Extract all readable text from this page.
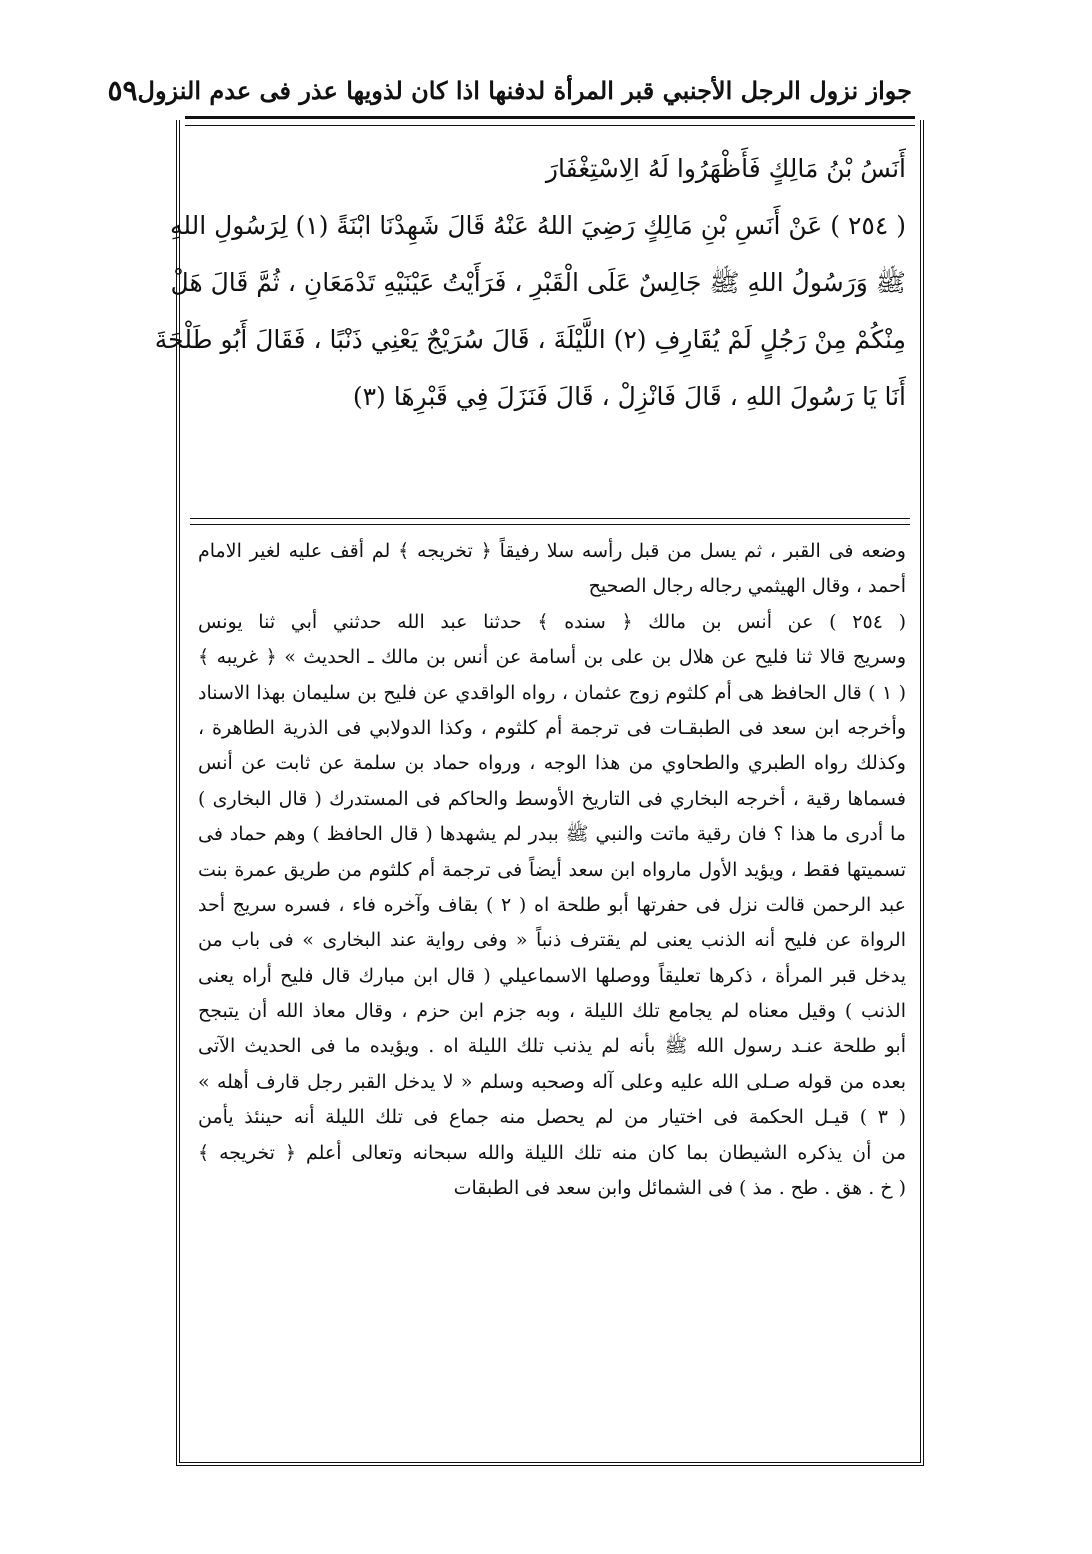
جواز نزول الرجل الأجنبي قبر المرأة لدفنها اذا كان لذويها عذر فى عدم النزول
٥٩
أَنَسُ بْنُ مَالِكٍ فَأَظْهَرُوا لَهُ الِاسْتِغْفَارَ
( ٢٥٤ ) عَنْ أَنَسِ بْنِ مَالِكٍ رَضِيَ اللهُ عَنْهُ قَالَ شَهِدْنَا ابْنَةً (١) لِرَسُولِ اللهِ
ﷺ وَرَسُولُ اللهِ ﷺ جَالِسٌ عَلَى الْقَبْرِ ، فَرَأَيْتُ عَيْنَيْهِ تَدْمَعَانِ ، ثُمَّ قَالَ هَلْ
مِنْكُمْ مِنْ رَجُلٍ لَمْ يُقَارِفِ (٢) اللَّيْلَةَ ، قَالَ سُرَيْجٌ يَعْنِي ذَنْبًا ، فَقَالَ أَبُو طَلْحَةَ
أَنَا يَا رَسُولَ اللهِ ، قَالَ فَانْزِلْ ، قَالَ فَنَزَلَ فِي قَبْرِهَا (٣)
وضعه فى القبر ، ثم يسل من قبل رأسه سلا رفيقاً ﴿ تخريجه ﴾ لم أقف عليه لغير الامام
أحمد ، وقال الهيثمي رجاله رجال الصحيح
( ٢٥٤ ) عن أنس بن مالك ﴿ سنده ﴾ حدثنا عبد الله حدثني أبي ثنا يونس
وسريج قالا ثنا فليح عن هلال بن على بن أسامة عن أنس بن مالك ـ الحديث » ﴿ غريبه ﴾
( ١ ) قال الحافظ هى أم كلثوم زوج عثمان ، رواه الواقدي عن فليح بن سليمان بهذا الاسناد
وأخرجه ابن سعد فى الطبقـات فى ترجمة أم كلثوم ، وكذا الدولابي فى الذرية الطاهرة ،
وكذلك رواه الطبري والطحاوي من هذا الوجه ، ورواه حماد بن سلمة عن ثابت عن أنس
فسماها رقية ، أخرجه البخاري فى التاريخ الأوسط والحاكم فى المستدرك ( قال البخارى )
ما أدرى ما هذا ؟ فان رقية ماتت والنبي ﷺ ببدر لم يشهدها ( قال الحافظ ) وهم حماد فى
تسميتها فقط ، ويؤيد الأول مارواه ابن سعد أيضاً فى ترجمة أم كلثوم من طريق عمرة بنت
عبد الرحمن قالت نزل فى حفرتها أبو طلحة اه ( ٢ ) بقاف وآخره فاء ، فسره سريج أحد
الرواة عن فليح أنه الذنب يعنى لم يقترف ذنباً « وفى رواية عند البخارى » فى باب من
يدخل قبر المرأة ، ذكرها تعليقاً ووصلها الاسماعيلي ( قال ابن مبارك قال فليح أراه يعنى
الذنب ) وقيل معناه لم يجامع تلك الليلة ، وبه جزم ابن حزم ، وقال معاذ الله أن يتبجح
أبو طلحة عنـد رسول الله ﷺ بأنه لم يذنب تلك الليلة اه . ويؤيده ما فى الحديث الآتى
بعده من قوله صـلى الله عليه وعلى آله وصحبه وسلم « لا يدخل القبر رجل قارف أهله »
( ٣ ) قيـل الحكمة فى اختيار من لم يحصل منه جماع فى تلك الليلة أنه حينئذ يأمن
من أن يذكره الشيطان بما كان منه تلك الليلة والله سبحانه وتعالى أعلم ﴿ تخريجه ﴾
( خ . هق . طح . مذ ) فى الشمائل وابن سعد فى الطبقات
